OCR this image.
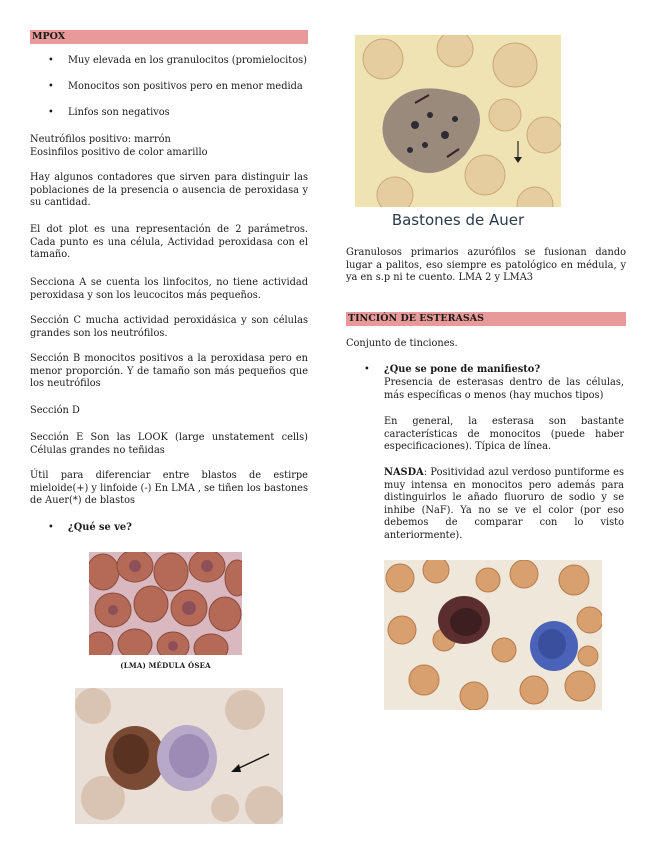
MPOX
• Muy elevada en los granulocitos (promielocitos)
• Monocitos son positivos pero en menor medida
• Linfos son negativos

Neutrófilos positivo: marrón

Eosinfilos positivo de color amarillo

Hay algunos contadores que sirven para distinguir las poblaciones de la presencia o ausencia de peroxidasa y su cantidad.

El dot plot es una representación de 2 parámetros. Cada punto es una célula, Actividad peroxidasa con el tamaño.

Secciona A se cuenta los linfocitos, no tiene actividad peroxidasa y son los leucocitos más pequeños.

Sección C mucha actividad peroxidásica y son células grandes son los neutrófilos.

Sección B monocitos positivos a la peroxidasa pero en menor proporción. Y de tamaño son más pequeños que los neutrófilos

Sección D

Sección E Son las LOOK (large unstatement cells) Células grandes no teñidas

Útil para diferenciar entre blastos de estirpe mieloide(+) y linfoide (-) En LMA , se tiñen los bastones de Auer(*) de blastos

• ¿Qué se ve?
(LMA) MÉDULA ÓSEA
Bastones de Auer

Granulosos primarios azurófilos se fusionan dando lugar a palitos, eso siempre es patológico en médula, y ya en s.p ni te cuento. LMA 2 y LMA3

TINCIÓN DE ESTERASAS

Conjunto de tinciones.

• ¿Que se pone de manifiesto?

Presencia de esterasas dentro de las células, más específicas o menos (hay muchos tipos)

En general, la esterasa son bastante características de monocitos (puede haber especificaciones). Típica de línea.

NASDA: Positividad azul verdoso puntiforme es muy intensa en monocitos pero además para distinguirlos le añado fluoruro de sodio y se inhibe (NaF). Ya no se ve el color (por eso debemos de comparar con lo visto anteriormente).
